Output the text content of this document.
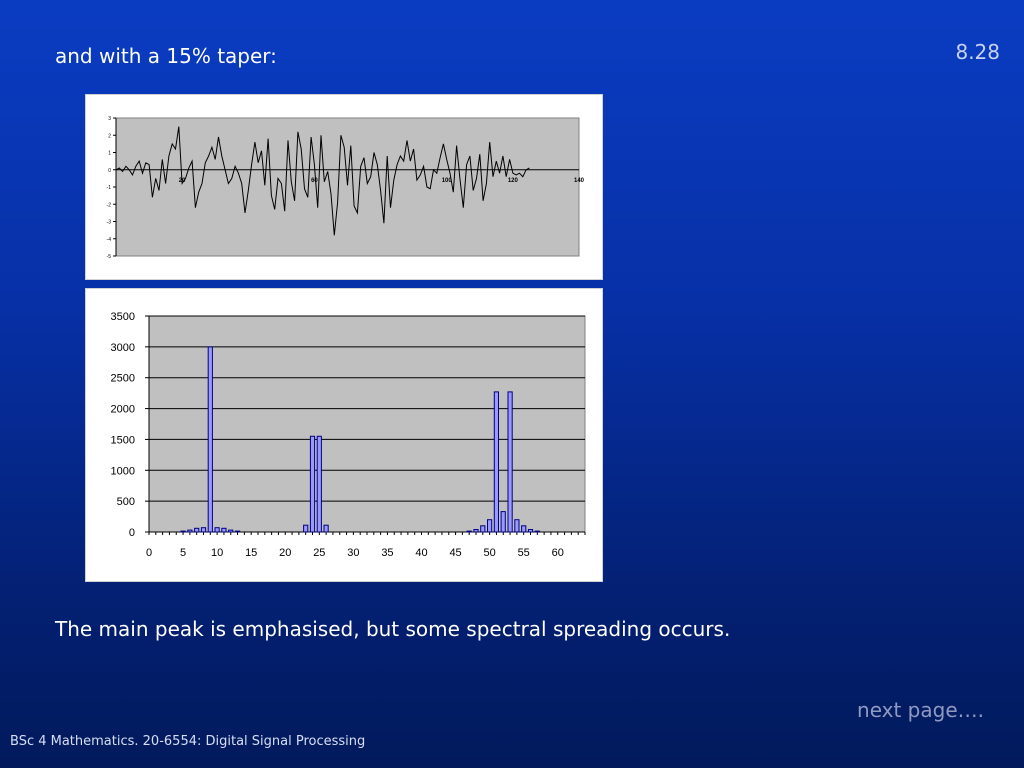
and with a 15% taper:	8.28
3
2
1
0
-1
-2
-3
-4
-5
20	60	100	120	140
0
500
1000
1500
2000
2500
3000
3500
0	5 10 15 20 25 30 35 40 45 50 55 60
The main peak is emphasised, but some spectral spreading occurs.
next page….
BSc 4 Mathematics. 20-6554: Digital Signal Processing
